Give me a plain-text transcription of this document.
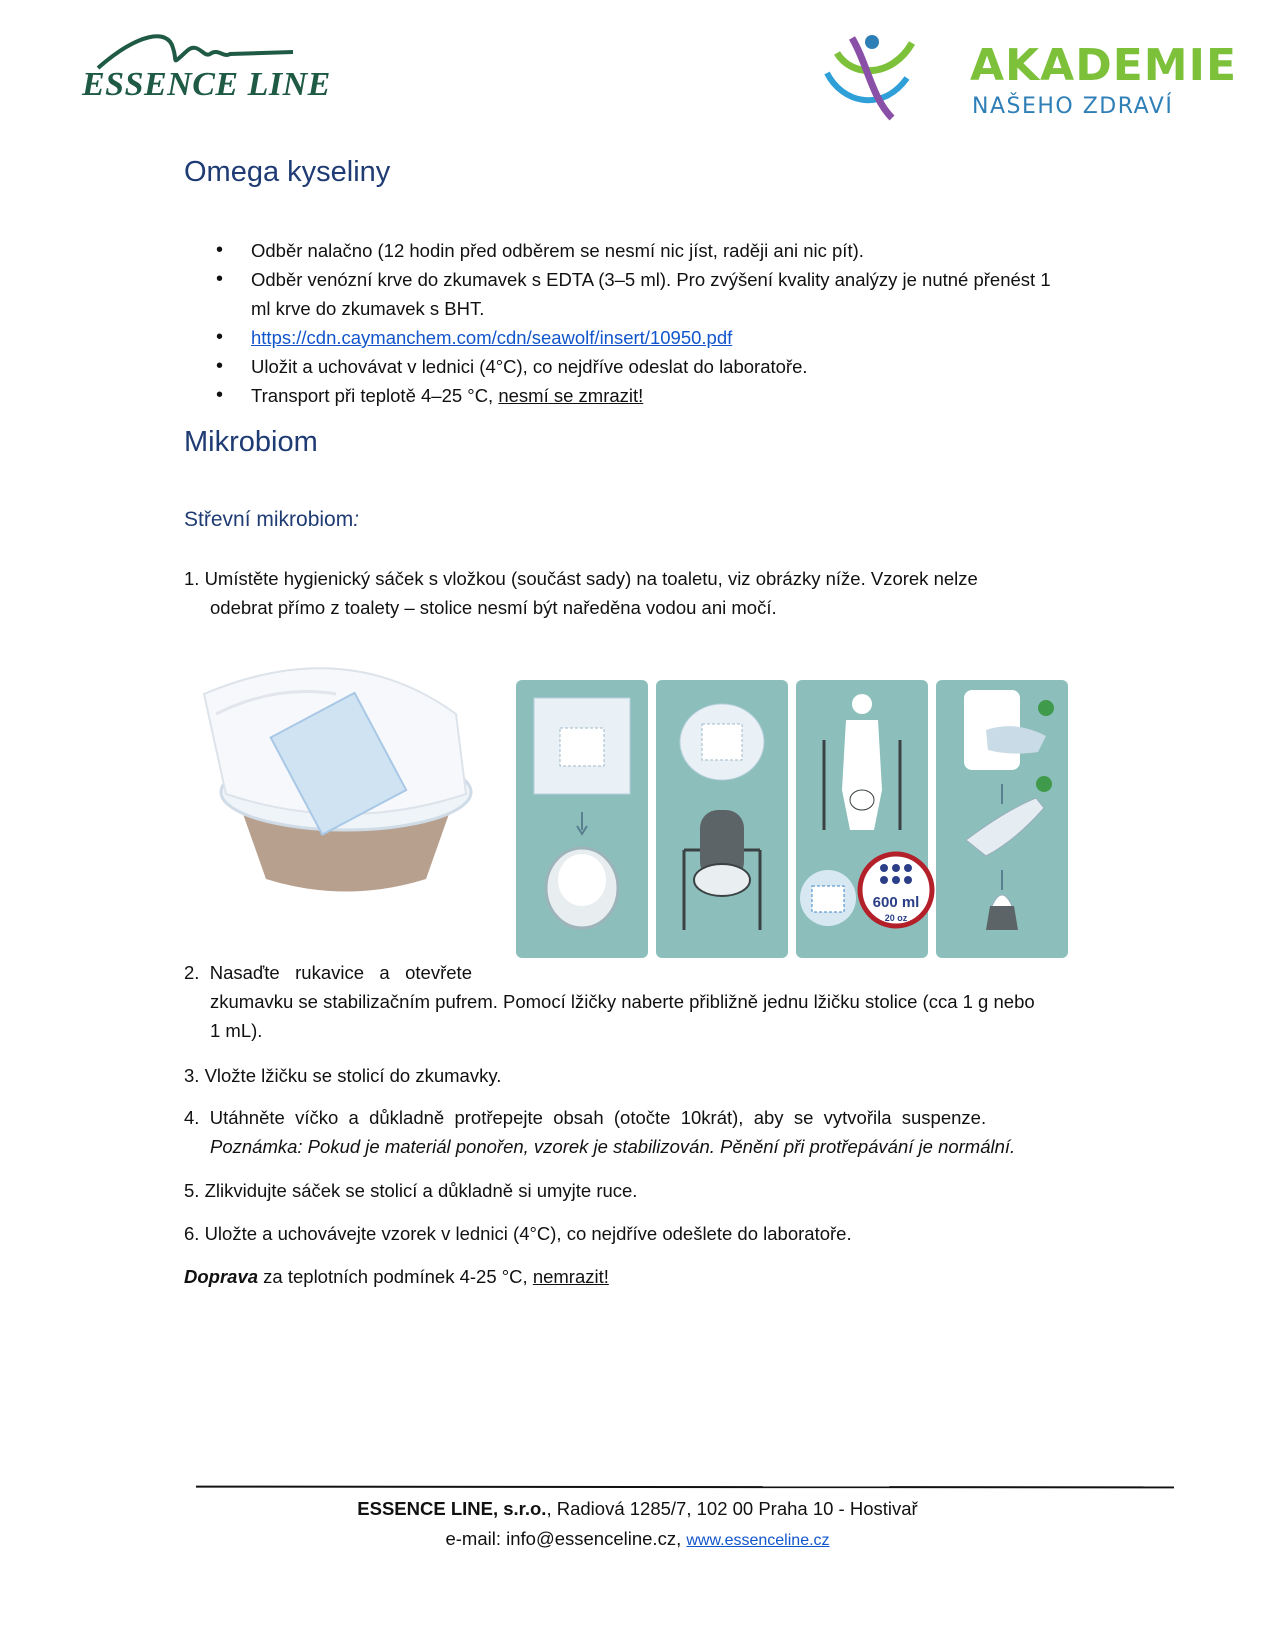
ESSENCE LINE	AKADEMIE
NAŠEHO ZDRAVÍ
Omega kyseliny
• Odběr nalačno (12 hodin před odběrem se nesmí nic jíst, raději ani nic pít).
• Odběr venózní krve do zkumavek s EDTA (3–5 ml). Pro zvýšení kvality analýzy je nutné přenést 1 ml krve do zkumavek s BHT.
• https://cdn.caymanchem.com/cdn/seawolf/insert/10950.pdf
• Uložit a uchovávat v lednici (4°C), co nejdříve odeslat do laboratoře.
• Transport při teplotě 4–25 °C, nesmí se zmrazit!
Mikrobiom
Střevní mikrobiom:
1. Umístěte hygienický sáček s vložkou (součást sady) na toaletu, viz obrázky níže. Vzorek nelze
odebrat přímo z toalety – stolice nesmí být naředěna vodou ani močí.
600 ml
20 oz
2.  Nasaďte   rukavice   a   otevřete
zkumavku se stabilizačním pufrem. Pomocí lžičky naberte přibližně jednu lžičku stolice (cca 1 g nebo
1 mL).
3. Vložte lžičku se stolicí do zkumavky.
4.  Utáhněte  víčko  a  důkladně  protřepejte  obsah  (otočte  10krát),  aby  se  vytvořila  suspenze.
Poznámka: Pokud je materiál ponořen, vzorek je stabilizován. Pěnění při protřepávání je normální.
5. Zlikvidujte sáček se stolicí a důkladně si umyjte ruce.
6. Uložte a uchovávejte vzorek v lednici (4°C), co nejdříve odešlete do laboratoře.
Doprava za teplotních podmínek 4-25 °C, nemrazit!
ESSENCE LINE, s.r.o., Radiová 1285/7, 102 00 Praha 10 - Hostivař
e-mail: info@essenceline.cz, www.essenceline.cz
